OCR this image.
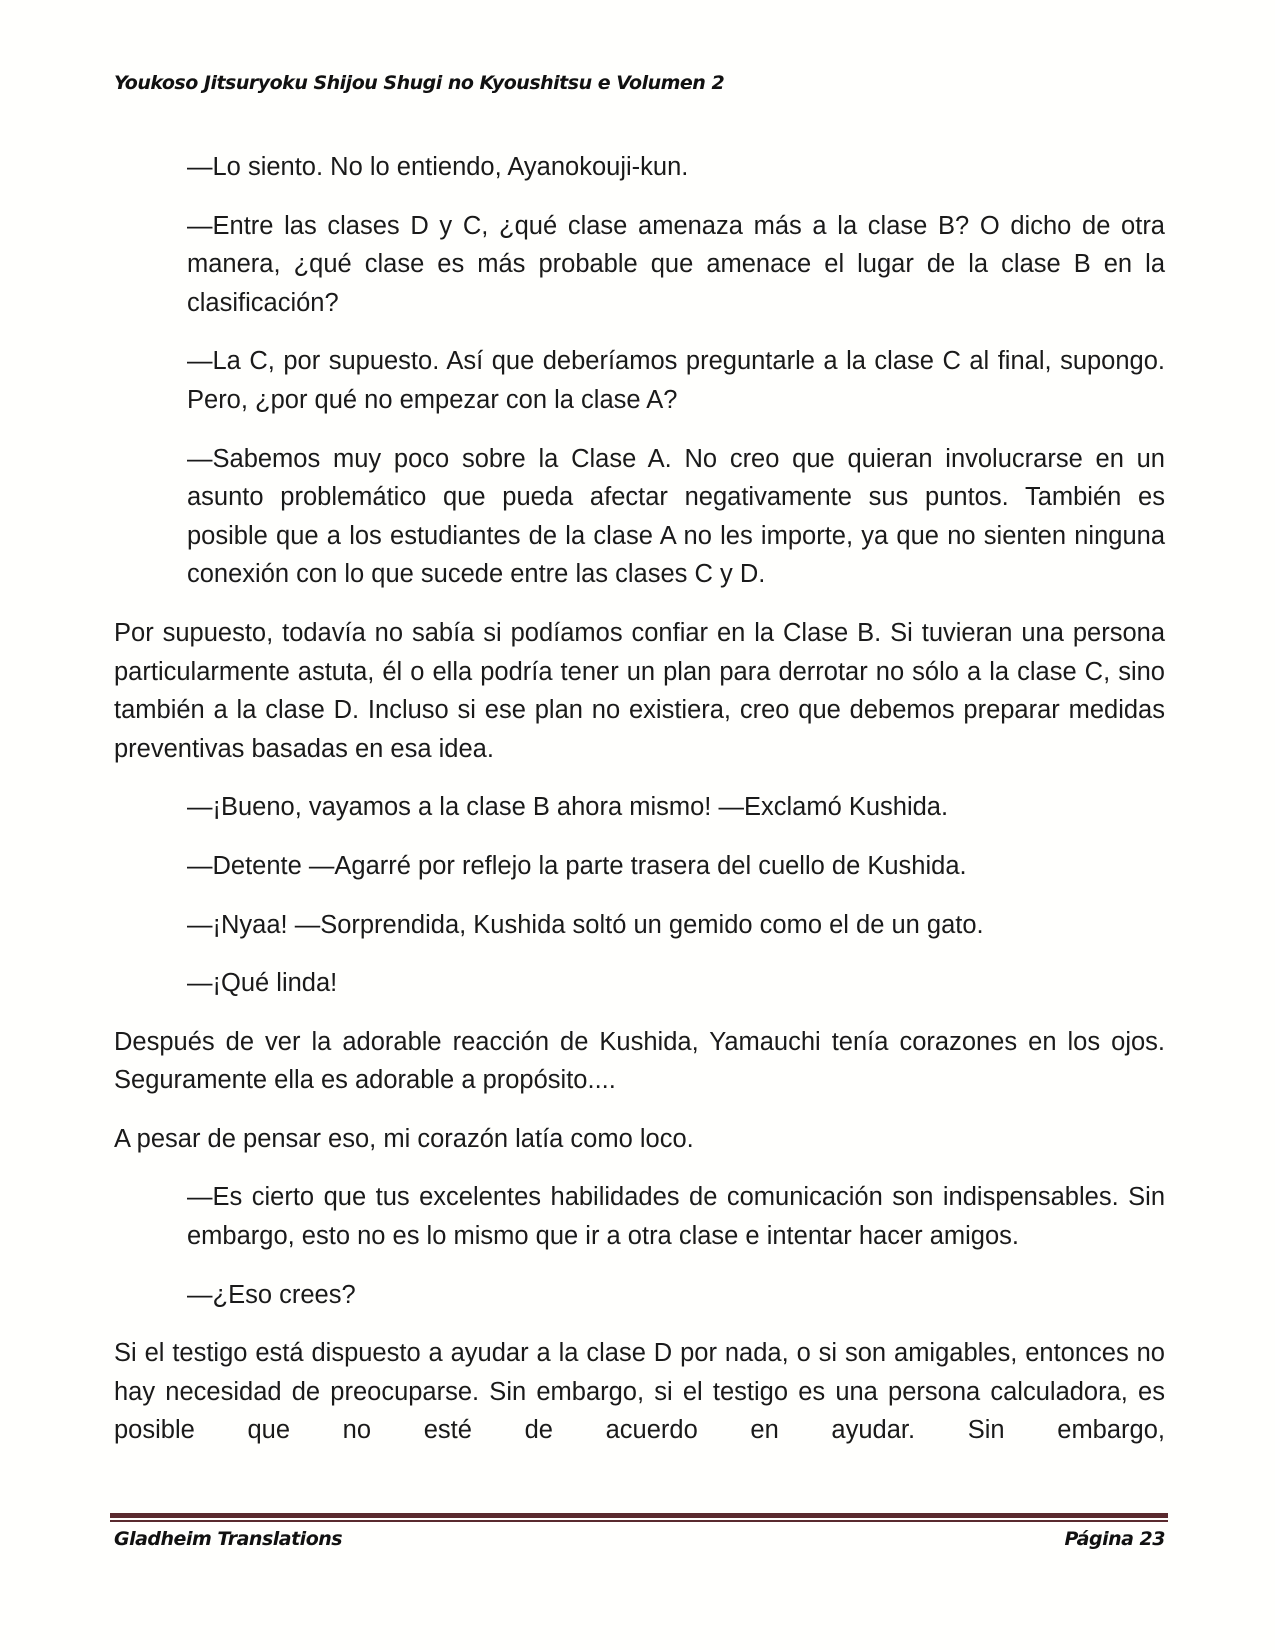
Youkoso Jitsuryoku Shijou Shugi no Kyoushitsu e Volumen 2

—Lo siento. No lo entiendo, Ayanokouji-kun.

—Entre las clases D y C, ¿qué clase amenaza más a la clase B? O dicho de otra manera, ¿qué clase es más probable que amenace el lugar de la clase B en la clasificación?

—La C, por supuesto. Así que deberíamos preguntarle a la clase C al final, supongo. Pero, ¿por qué no empezar con la clase A?

—Sabemos muy poco sobre la Clase A. No creo que quieran involucrarse en un asunto problemático que pueda afectar negativamente sus puntos. También es posible que a los estudiantes de la clase A no les importe, ya que no sienten ninguna conexión con lo que sucede entre las clases C y D.

Por supuesto, todavía no sabía si podíamos confiar en la Clase B. Si tuvieran una persona particularmente astuta, él o ella podría tener un plan para derrotar no sólo a la clase C, sino también a la clase D. Incluso si ese plan no existiera, creo que debemos preparar medidas preventivas basadas en esa idea.

—¡Bueno, vayamos a la clase B ahora mismo! —Exclamó Kushida.

—Detente —Agarré por reflejo la parte trasera del cuello de Kushida.

—¡Nyaa! —Sorprendida, Kushida soltó un gemido como el de un gato.

—¡Qué linda!

Después de ver la adorable reacción de Kushida, Yamauchi tenía corazones en los ojos. Seguramente ella es adorable a propósito....

A pesar de pensar eso, mi corazón latía como loco.

—Es cierto que tus excelentes habilidades de comunicación son indispensables. Sin embargo, esto no es lo mismo que ir a otra clase e intentar hacer amigos.

—¿Eso crees?

Si el testigo está dispuesto a ayudar a la clase D por nada, o si son amigables, entonces no hay necesidad de preocuparse. Sin embargo, si el testigo es una persona calculadora, es posible que no esté de acuerdo en ayudar. Sin embargo,

Gladheim Translations	Página 23
